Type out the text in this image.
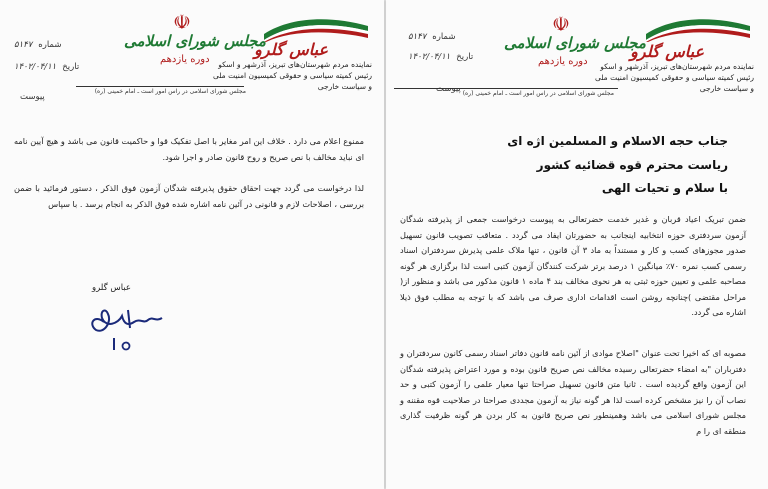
عباس گلرو
نماینده مردم شهرستان‌های تبریز، آذرشهر و اسکو
رئیس کمیته سیاسی و حقوقی کمیسیون امنیت ملی
و سیاست خارجی
☫
مجلس شورای اسلامی
دوره یازدهم
مجلس شورای اسلامی در راس امور است ـ امام خمینی (ره)
شماره
۵۱۴۷
تاریخ
۱۴۰۲/۰۴/۱۱
پیوست
جناب حجه الاسلام و المسلمین اژه ای
ریاست محترم قوه قضائیه کشور
با سلام و تحیات الهی
ضمن تبریک اعیاد قربان و غدیر خدمت حضرتعالی به پیوست درخواست جمعی از پذیرفته شدگان آزمون سردفتری حوزه انتخابیه اینجانب به حضورتان ایفاد می گردد . متعاقب تصویب قانون تسهیل صدور مجوزهای کسب و کار و مستنداً به ماد ۳ آن قانون ، تنها ملاک علمی پذیرش سردفتران اسناد رسمی کسب نمره ۷۰٪ میانگین ۱ درصد برتر شرکت کنندگان آزمون کتبی است لذا برگزاری هر گونه مصاحبه علمی و تعیین حوزه ثبتی به هر نحوی مخالف بند ۴ ماده ۱ قانون مذکور می باشد و منظور از( مراحل مقتضی )چنانچه روشن است اقدامات اداری صرف می باشد که با توجه به مطلب فوق ذیلا اشاره می گردد.
مصوبه ای که اخیرا تحت عنوان "اصلاح موادی از آئین نامه قانون دفاتر اسناد رسمی کانون سردفتران و دفترباران "به امضاء حضرتعالی رسیده مخالف نص صریح قانون بوده و مورد اعتراض پذیرفته شدگان این آزمون واقع گردیده است . ثانیا متن قانون تسهیل صراحتا تنها معیار علمی را آزمون کتبی و حد نصاب آن را نیز مشخص کرده است لذا هر گونه نیاز به آزمون مجددی صراحتا در صلاحیت قوه مقننه و مجلس شورای اسلامی می باشد وهمینطور نص صریح قانون به کار بردن هر گونه ظرفیت گذاری منطقه ای را م
عباس گلرو
نماینده مردم شهرستان‌های تبریز، آذرشهر و اسکو
رئیس کمیته سیاسی و حقوقی کمیسیون امنیت ملی
و سیاست خارجی
☫
مجلس شورای اسلامی
دوره یازدهم
مجلس شورای اسلامی در راس امور است ـ امام خمینی (ره)
شماره
۵۱۴۷
تاریخ
۱۴۰۲/۰۴/۱۱
پیوست
ممنوع اعلام می دارد . خلاف این امر مغایر با اصل تفکیک قوا و حاکمیت قانون می باشد و هیچ آیین نامه ای نباید مخالف با نص صریح و روح قانون صادر و اجرا شود.
لذا درخواست می گردد جهت احقاق حقوق پذیرفته شدگان آزمون فوق الذکر ، دستور فرمائید با ضمن بررسی ، اصلاحات لازم و قانونی در آئین نامه اشاره شده فوق الذکر به انجام برسد . با سپاس
عباس گلرو
